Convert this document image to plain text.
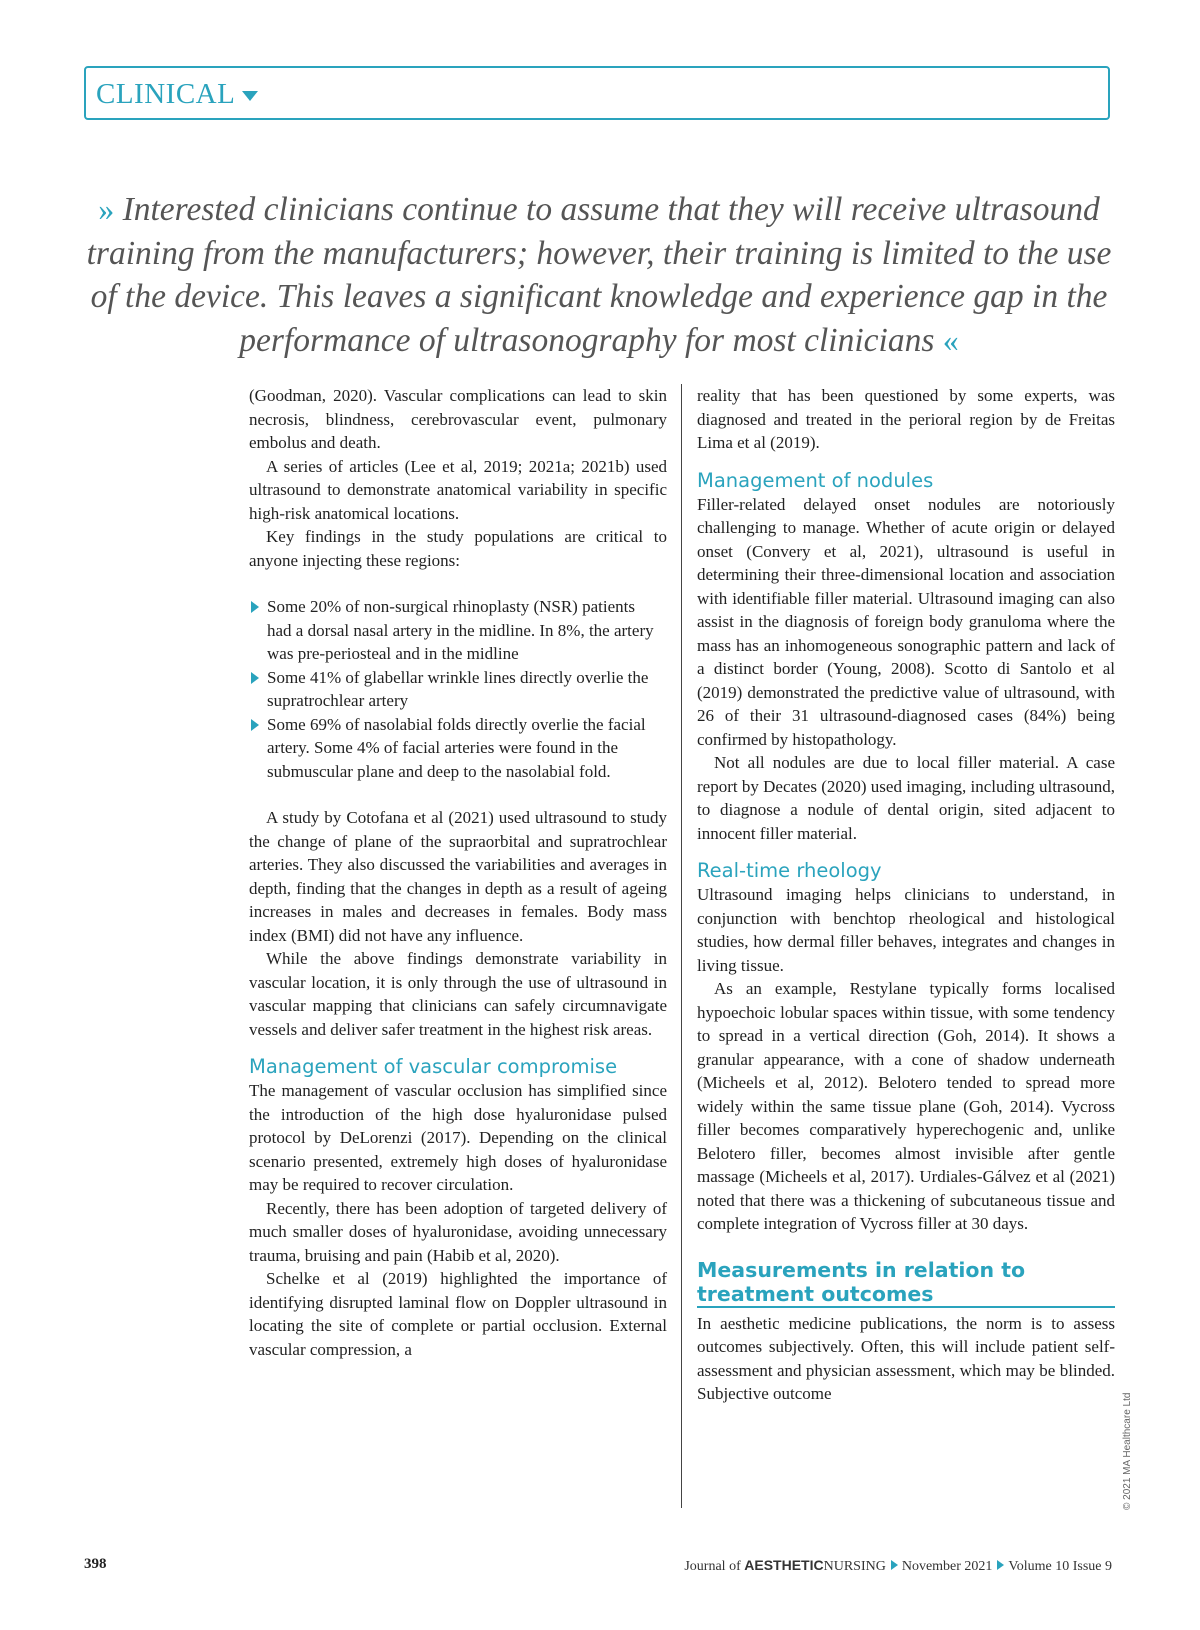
CLINICAL
» Interested clinicians continue to assume that they will receive ultrasound training from the manufacturers; however, their training is limited to the use of the device. This leaves a significant knowledge and experience gap in the performance of ultrasonography for most clinicians «

(Goodman, 2020). Vascular complications can lead to skin necrosis, blindness, cerebrovascular event, pulmonary embolus and death.

A series of articles (Lee et al, 2019; 2021a; 2021b) used ultrasound to demonstrate anatomical variability in specific high-risk anatomical locations.

Key findings in the study populations are critical to anyone injecting these regions:

Some 20% of non-surgical rhinoplasty (NSR) patients had a dorsal nasal artery in the midline. In 8%, the artery was pre-periosteal and in the midline
Some 41% of glabellar wrinkle lines directly overlie the supratrochlear artery
Some 69% of nasolabial folds directly overlie the facial artery. Some 4% of facial arteries were found in the submuscular plane and deep to the nasolabial fold.

A study by Cotofana et al (2021) used ultrasound to study the change of plane of the supraorbital and supratrochlear arteries. They also discussed the variabilities and averages in depth, finding that the changes in depth as a result of ageing increases in males and decreases in females. Body mass index (BMI) did not have any influence.

While the above findings demonstrate variability in vascular location, it is only through the use of ultrasound in vascular mapping that clinicians can safely circumnavigate vessels and deliver safer treatment in the highest risk areas.

Management of vascular compromise

The management of vascular occlusion has simplified since the introduction of the high dose hyaluronidase pulsed protocol by DeLorenzi (2017). Depending on the clinical scenario presented, extremely high doses of hyaluronidase may be required to recover circulation.

Recently, there has been adoption of targeted delivery of much smaller doses of hyaluronidase, avoiding unnecessary trauma, bruising and pain (Habib et al, 2020).

Schelke et al (2019) highlighted the importance of identifying disrupted laminal flow on Doppler ultrasound in locating the site of complete or partial occlusion. External vascular compression, a

reality that has been questioned by some experts, was diagnosed and treated in the perioral region by de Freitas Lima et al (2019).

Management of nodules

Filler-related delayed onset nodules are notoriously challenging to manage. Whether of acute origin or delayed onset (Convery et al, 2021), ultrasound is useful in determining their three-dimensional location and association with identifiable filler material. Ultrasound imaging can also assist in the diagnosis of foreign body granuloma where the mass has an inhomogeneous sonographic pattern and lack of a distinct border (Young, 2008). Scotto di Santolo et al (2019) demonstrated the predictive value of ultrasound, with 26 of their 31 ultrasound-diagnosed cases (84%) being confirmed by histopathology.

Not all nodules are due to local filler material. A case report by Decates (2020) used imaging, including ultrasound, to diagnose a nodule of dental origin, sited adjacent to innocent filler material.

Real-time rheology

Ultrasound imaging helps clinicians to understand, in conjunction with benchtop rheological and histological studies, how dermal filler behaves, integrates and changes in living tissue.

As an example, Restylane typically forms localised hypoechoic lobular spaces within tissue, with some tendency to spread in a vertical direction (Goh, 2014). It shows a granular appearance, with a cone of shadow underneath (Micheels et al, 2012). Belotero tended to spread more widely within the same tissue plane (Goh, 2014). Vycross filler becomes comparatively hyperechogenic and, unlike Belotero filler, becomes almost invisible after gentle massage (Micheels et al, 2017). Urdiales-Gálvez et al (2021) noted that there was a thickening of subcutaneous tissue and complete integration of Vycross filler at 30 days.

Measurements in relation to treatment outcomes

In aesthetic medicine publications, the norm is to assess outcomes subjectively. Often, this will include patient self-assessment and physician assessment, which may be blinded. Subjective outcome

398	Journal of AESTHETICNURSING November 2021 Volume 10 Issue 9
© 2021 MA Healthcare Ltd
